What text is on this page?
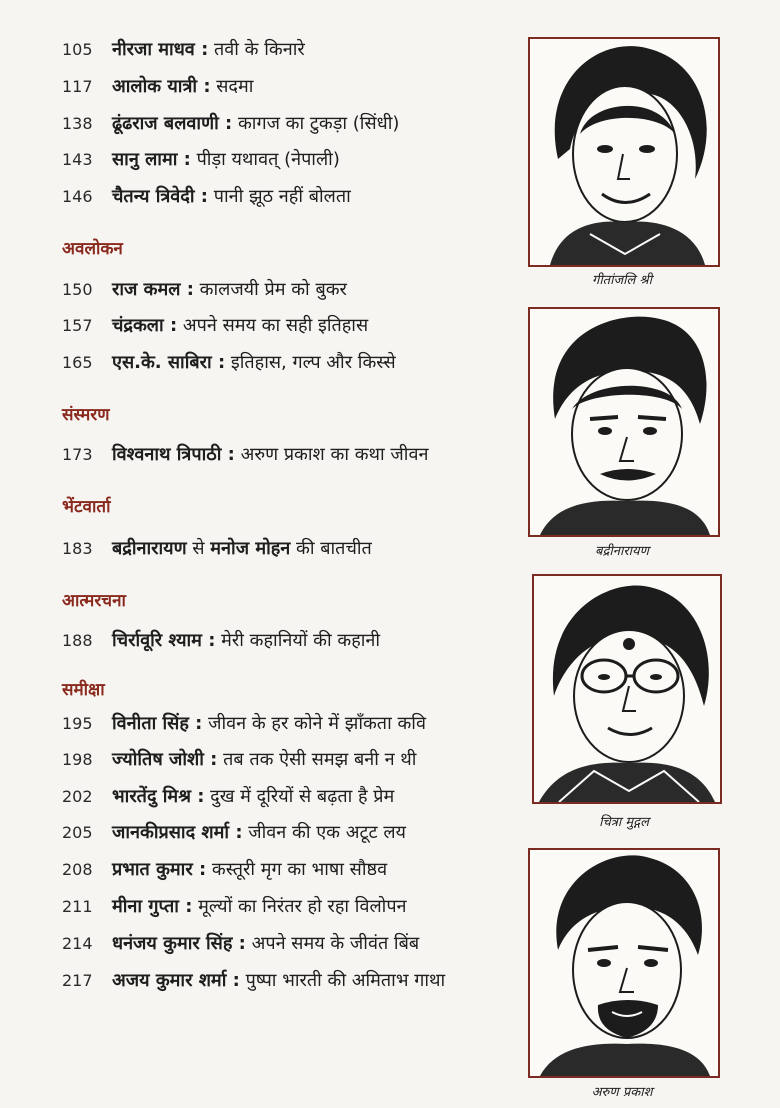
105 नीरजा माधव : तवी के किनारे
117 आलोक यात्री : सदमा
138 ढूंढराज बलवाणी : कागज का टुकड़ा (सिंधी)
143 सानु लामा : पीड़ा यथावत् (नेपाली)
146 चैतन्य त्रिवेदी : पानी झूठ नहीं बोलता
अवलोकन
150 राज कमल : कालजयी प्रेम को बुकर
157 चंद्रकला : अपने समय का सही इतिहास
165 एस.के. साबिरा : इतिहास, गल्प और किस्से
संस्मरण
173 विश्वनाथ त्रिपाठी : अरुण प्रकाश का कथा जीवन
भेंटवार्ता
183 बद्रीनारायण से मनोज मोहन की बातचीत
आत्मरचना
188 चिर्रावूरि श्याम : मेरी कहानियों की कहानी
समीक्षा
195 विनीता सिंह : जीवन के हर कोने में झाँकता कवि
198 ज्योतिष जोशी : तब तक ऐसी समझ बनी न थी
202 भारतेंदु मिश्र : दुख में दूरियों से बढ़ता है प्रेम
205 जानकीप्रसाद शर्मा : जीवन की एक अटूट लय
208 प्रभात कुमार : कस्तूरी मृग का भाषा सौष्ठव
211 मीना गुप्ता : मूल्यों का निरंतर हो रहा विलोपन
214 धनंजय कुमार सिंह : अपने समय के जीवंत बिंब
217 अजय कुमार शर्मा : पुष्पा भारती की अमिताभ गाथा
गीतांजलि श्री
बद्रीनारायण
चित्रा मुद्गल
अरुण प्रकाश
